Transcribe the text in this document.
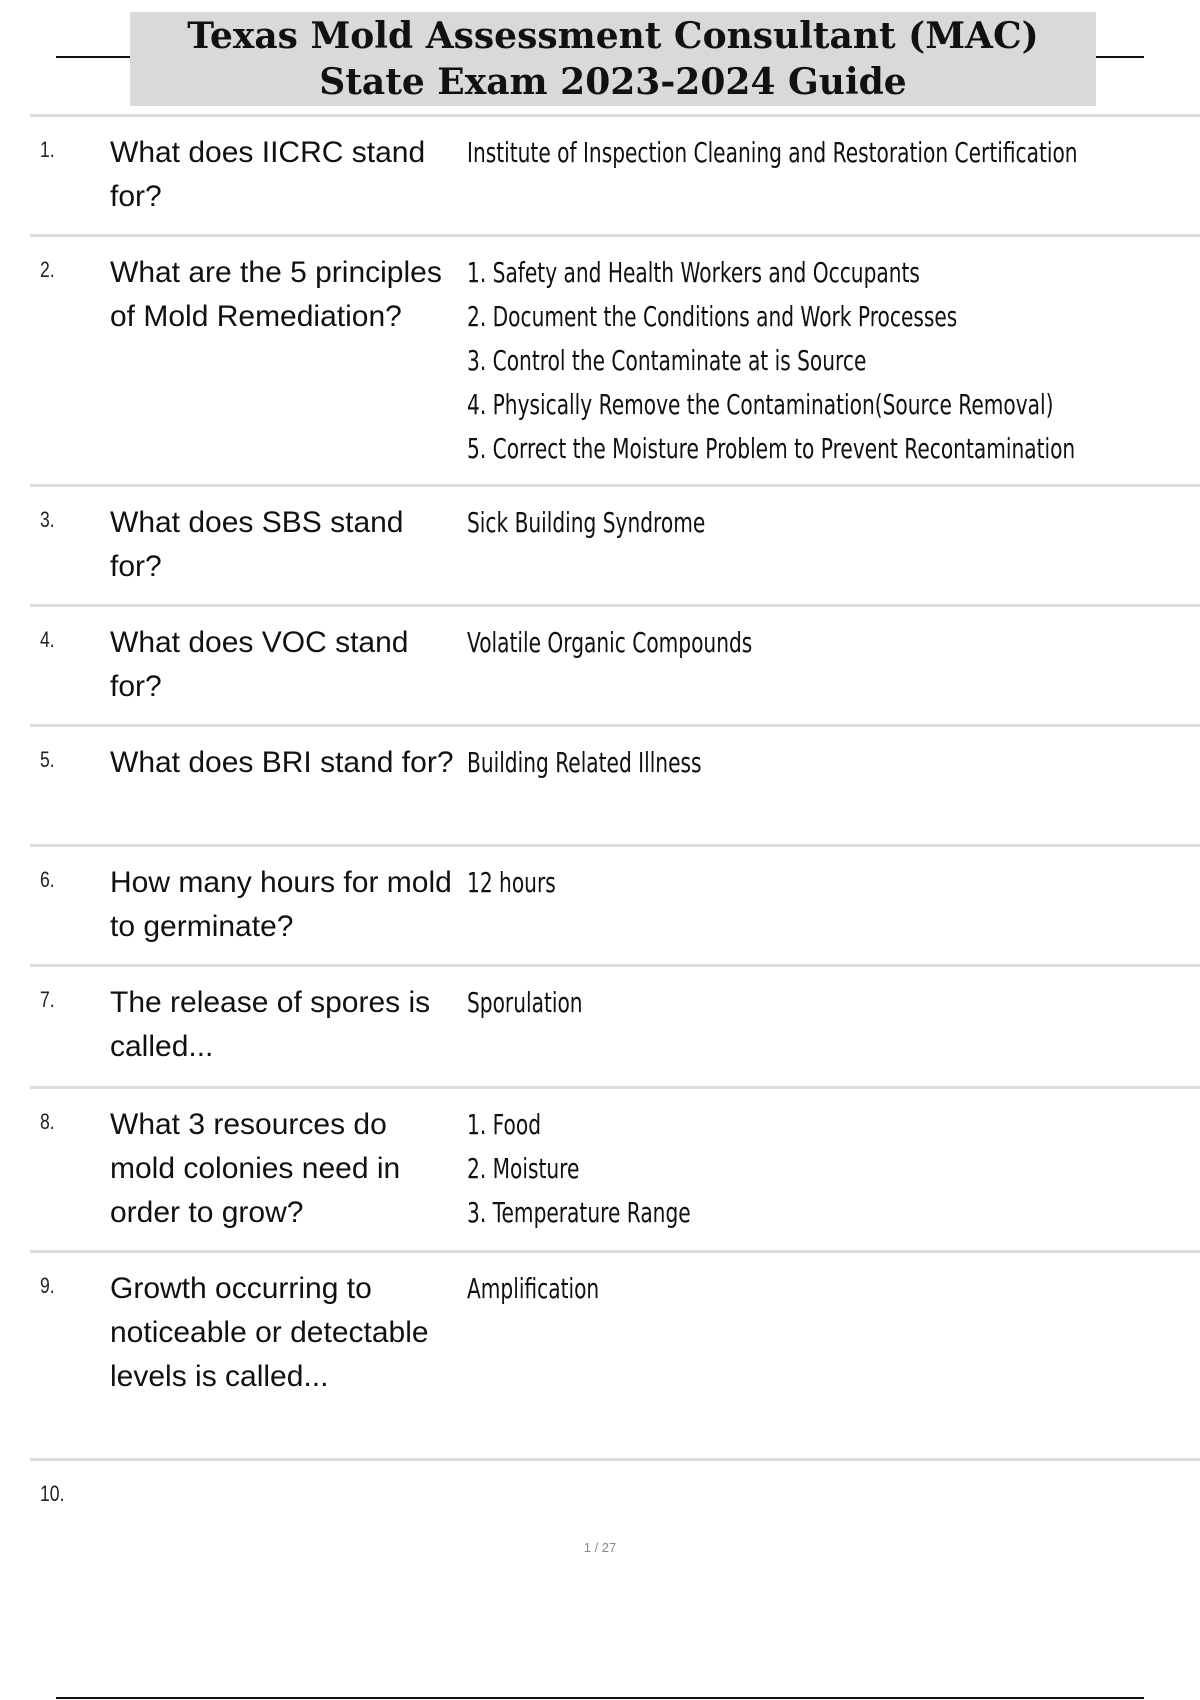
Texas Mold Assessment Consultant (MAC) State Exam 2023-2024 Guide
1. What does IICRC stand for?
Institute of Inspection Cleaning and Restoration Certification
2. What are the 5 principles of Mold Remediation?
1. Safety and Health Workers and Occupants
2. Document the Conditions and Work Processes
3. Control the Contaminate at is Source
4. Physically Remove the Contamination(Source Removal)
5. Correct the Moisture Problem to Prevent Recontamination
3. What does SBS stand for?
Sick Building Syndrome
4. What does VOC stand for?
Volatile Organic Compounds
5. What does BRI stand for? Building Related Illness
6. How many hours for mold to germinate?
12 hours
7. The release of spores is called...
Sporulation
8. What 3 resources do mold colonies need in order to grow?
1. Food
2. Moisture
3. Temperature Range
9. Growth occurring to noticeable or detectable levels is called...
Amplification
10.
1 / 27
